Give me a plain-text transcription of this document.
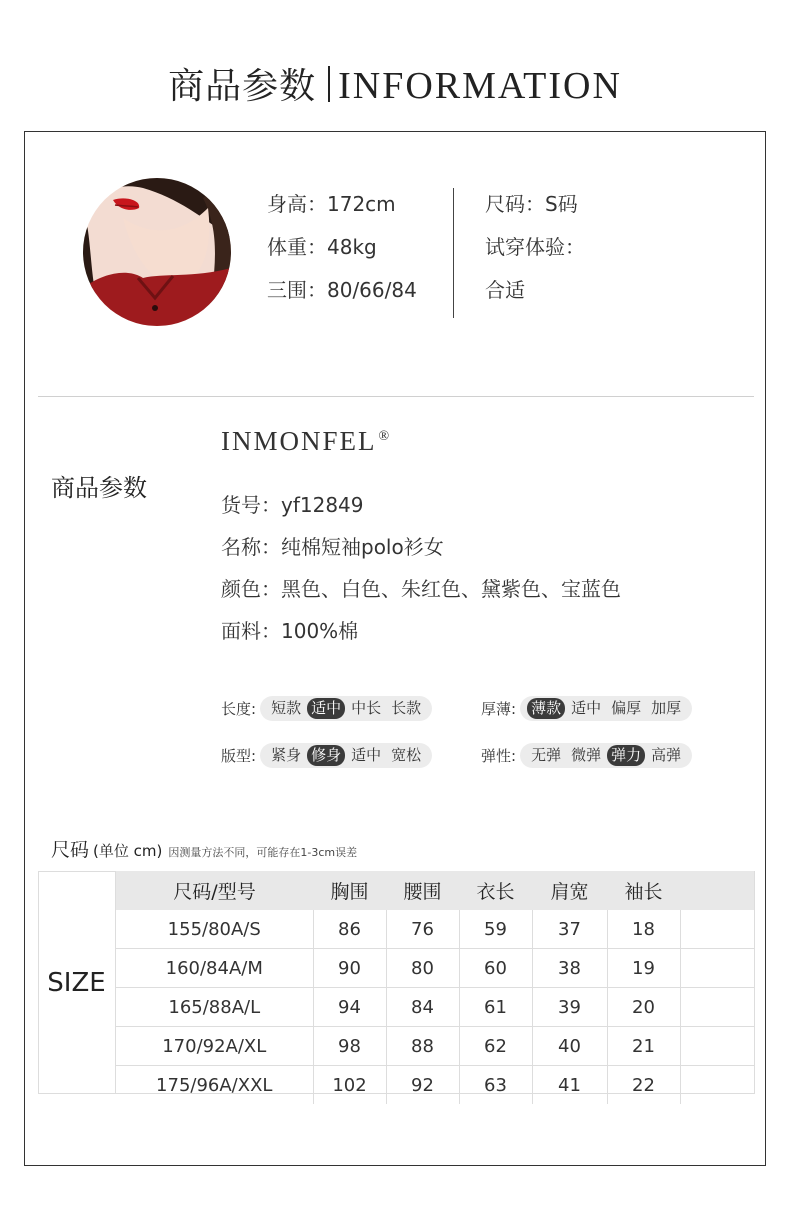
商品参数 INFORMATION
身高：172cm
体重：48kg
三围：80/66/84
尺码：S码
试穿体验：
合适
INMONFEL ®
商品参数
货号：yf12849
名称：纯棉短袖polo衫女
颜色：黑色、白色、朱红色、黛紫色、宝蓝色
面料：100%棉
长度: 短款 适中 中长 长款	厚薄: 薄款 适中 偏厚 加厚
版型: 紧身 修身 适中 宽松	弹性: 无弹 微弹 弹力 高弹
尺码 (单位 cm) 因测量方法不同，可能存在1-3cm误差
SIZE
尺码/型号	胸围	腰围	衣长	肩宽	袖长	
155/80A/S	86	76	59	37	18	
160/84A/M	90	80	60	38	19	
165/88A/L	94	84	61	39	20	
170/92A/XL	98	88	62	40	21	
175/96A/XXL	102	92	63	41	22	
